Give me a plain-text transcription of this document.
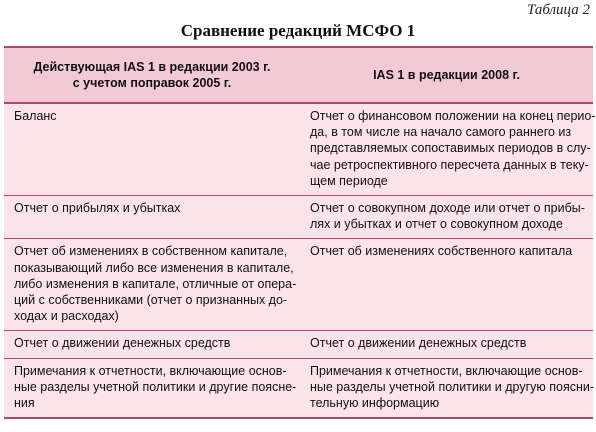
Таблица 2
Сравнение редакций МСФО 1
Действующая IAS 1 в редакции 2003 г.
с учетом поправок 2005 г.	IAS 1 в редакции 2008 г.

Баланс	Отчет о финансовом положении на конец перио-
да, в том числе на начало самого раннего из
представляемых сопоставимых периодов в слу-
чае ретроспективного пересчета данных в теку-
щем периоде

Отчет о прибылях и убытках	Отчет о совокупном доходе или отчет о прибы-
лях и убытках и отчет о совокупном доходе

Отчет об изменениях в собственном капитале,
показывающий либо все изменения в капитале,
либо изменения в капитале, отличные от опера-
ций с собственниками (отчет о признанных до-
ходах и расходах)	Отчет об изменениях собственного капитала

Отчет о движении денежных средств	Отчет о движении денежных средств

Примечания к отчетности, включающие основ-
ные разделы учетной политики и другие поясне-
ния	Примечания к отчетности, включающие основ-
ные разделы учетной политики и другую поясни-
тельную информацию
